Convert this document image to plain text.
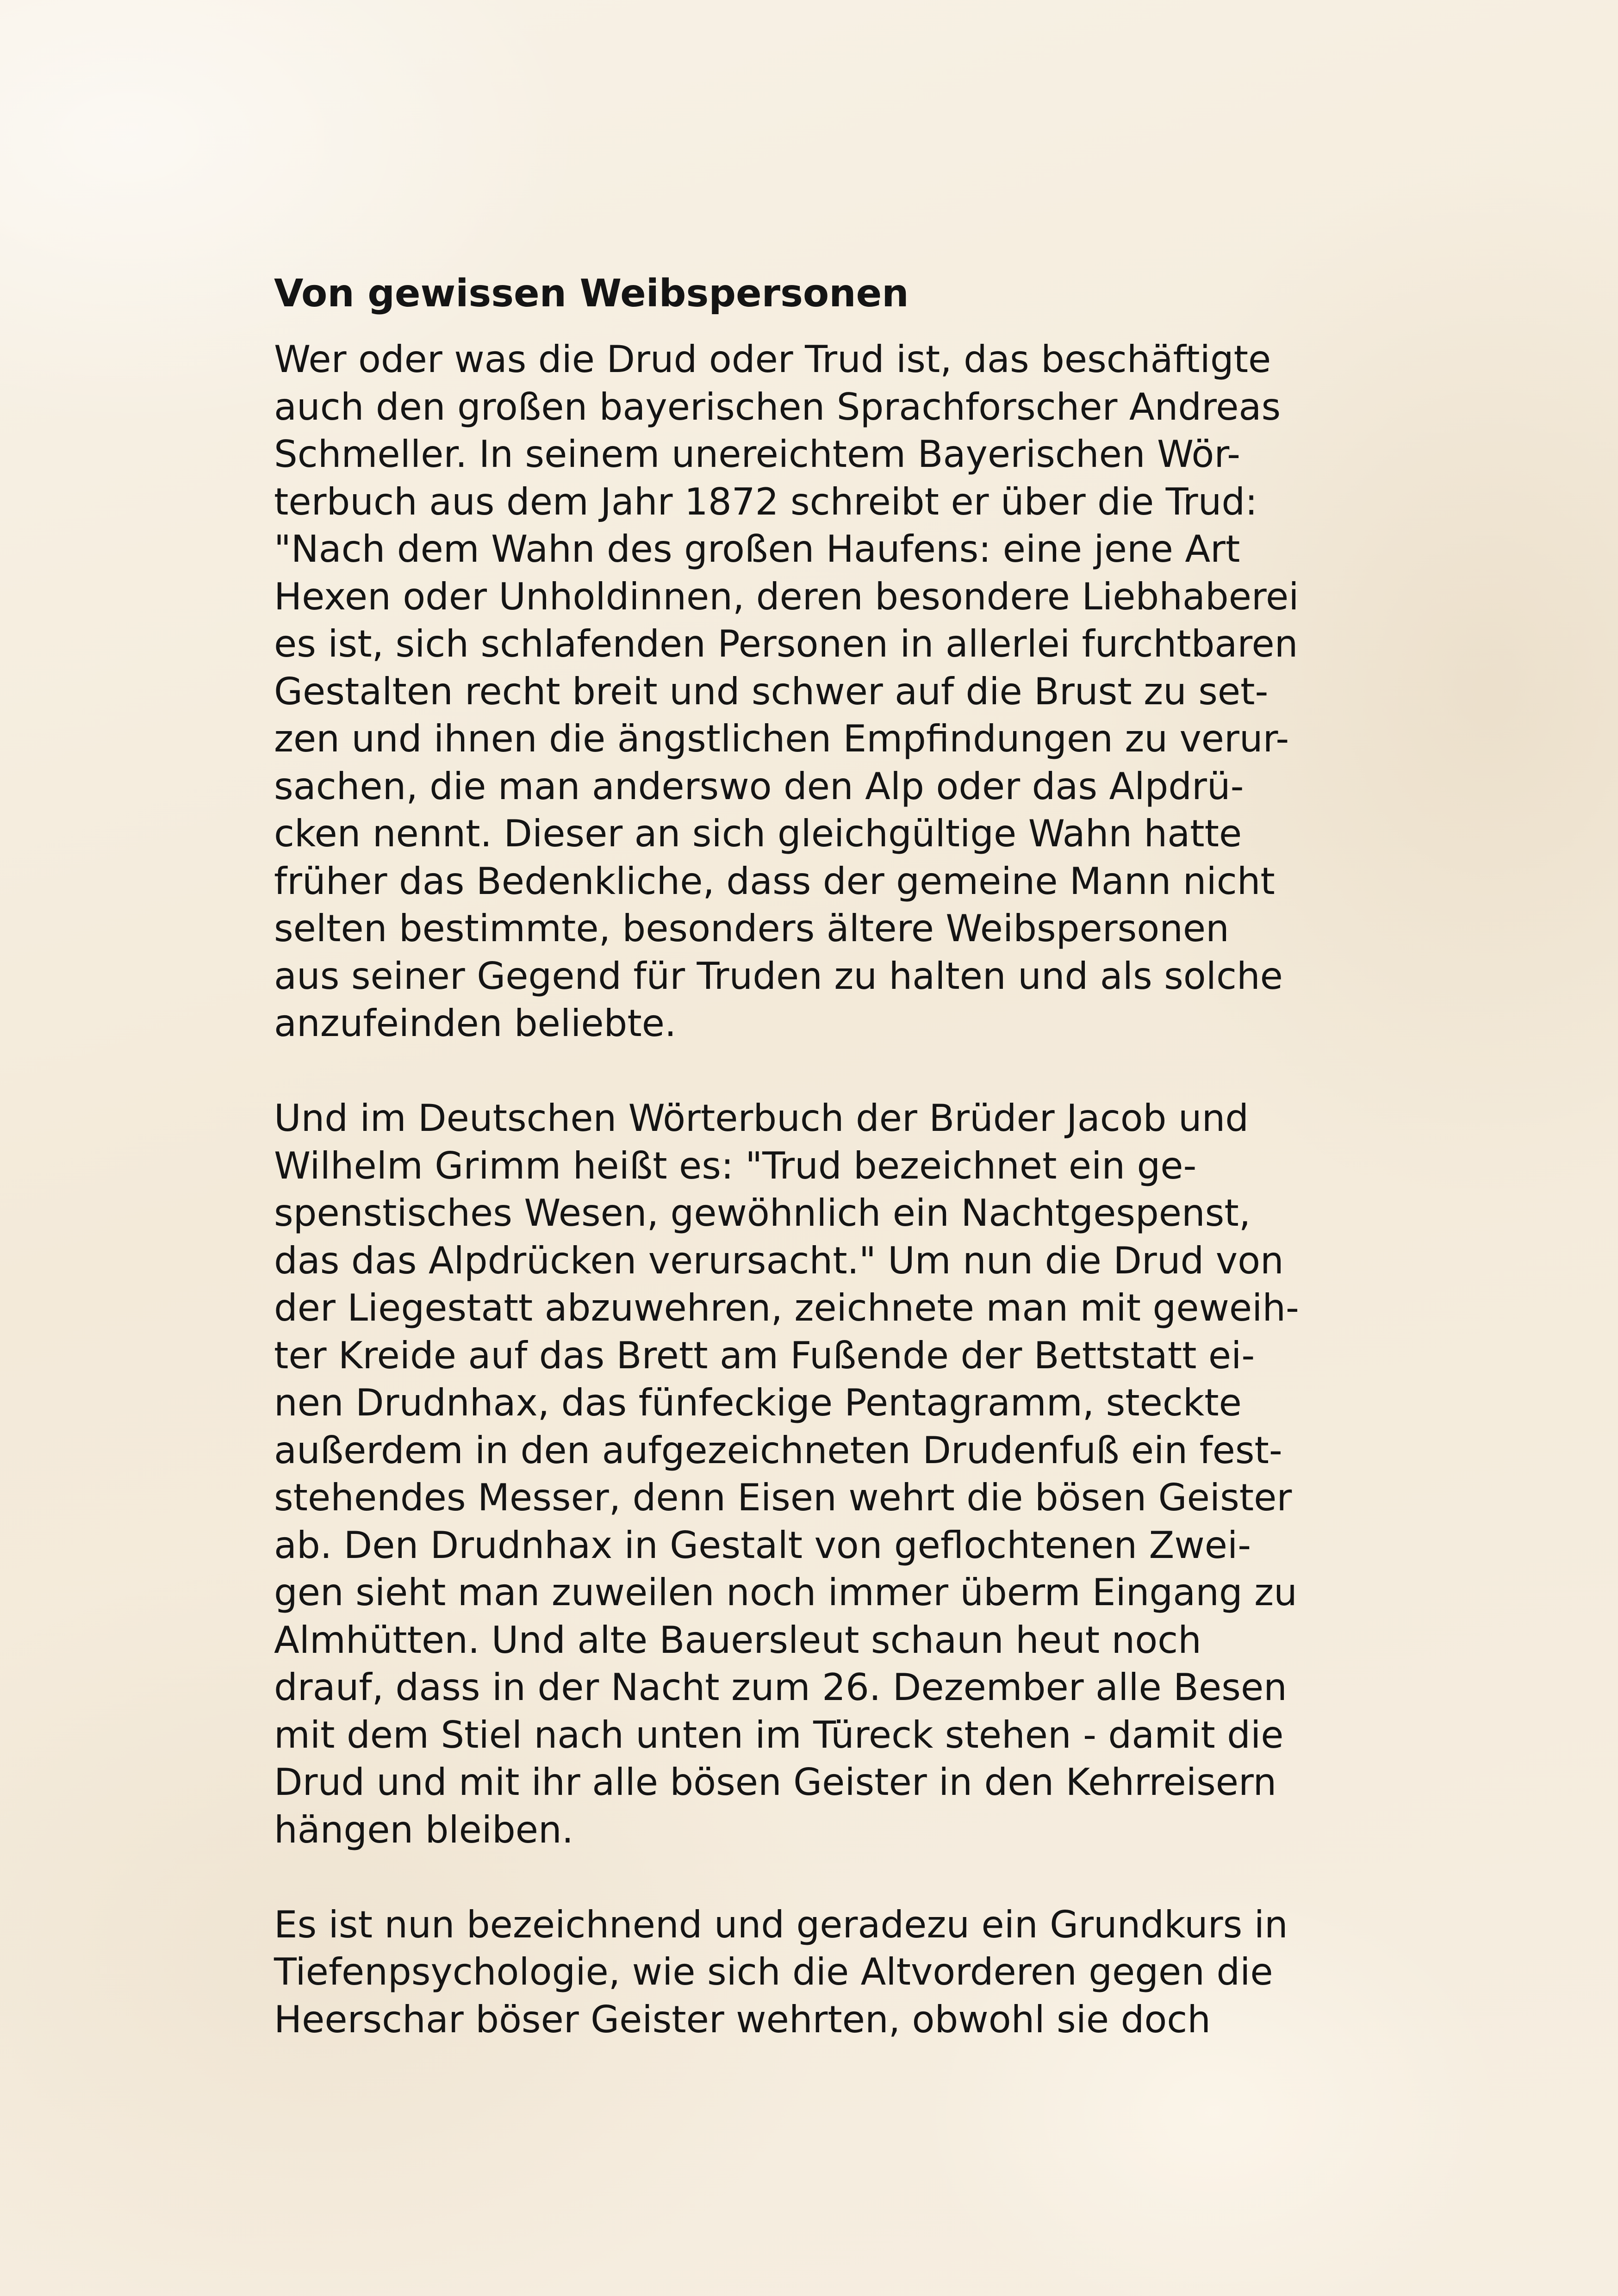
Von gewissen Weibspersonen
Wer oder was die Drud oder Trud ist, das beschäftigte
auch den großen bayerischen Sprachforscher Andreas
Schmeller. In seinem unereichtem Bayerischen Wör-
terbuch aus dem Jahr 1872 schreibt er über die Trud:
"Nach dem Wahn des großen Haufens: eine jene Art
Hexen oder Unholdinnen, deren besondere Liebhaberei
es ist, sich schlafenden Personen in allerlei furchtbaren
Gestalten recht breit und schwer auf die Brust zu set-
zen und ihnen die ängstlichen Empfindungen zu verur-
sachen, die man anderswo den Alp oder das Alpdrü-
cken nennt. Dieser an sich gleichgültige Wahn hatte
früher das Bedenkliche, dass der gemeine Mann nicht
selten bestimmte, besonders ältere Weibspersonen
aus seiner Gegend für Truden zu halten und als solche
anzufeinden beliebte.
Und im Deutschen Wörterbuch der Brüder Jacob und
Wilhelm Grimm heißt es: "Trud bezeichnet ein ge-
spenstisches Wesen, gewöhnlich ein Nachtgespenst,
das das Alpdrücken verursacht." Um nun die Drud von
der Liegestatt abzuwehren, zeichnete man mit geweih-
ter Kreide auf das Brett am Fußende der Bettstatt ei-
nen Drudnhax, das fünfeckige Pentagramm, steckte
außerdem in den aufgezeichneten Drudenfuß ein fest-
stehendes Messer, denn Eisen wehrt die bösen Geister
ab. Den Drudnhax in Gestalt von geflochtenen Zwei-
gen sieht man zuweilen noch immer überm Eingang zu
Almhütten. Und alte Bauersleut schaun heut noch
drauf, dass in der Nacht zum 26. Dezember alle Besen
mit dem Stiel nach unten im Türeck stehen - damit die
Drud und mit ihr alle bösen Geister in den Kehrreisern
hängen bleiben.
Es ist nun bezeichnend und geradezu ein Grundkurs in
Tiefenpsychologie, wie sich die Altvorderen gegen die
Heerschar böser Geister wehrten, obwohl sie doch
